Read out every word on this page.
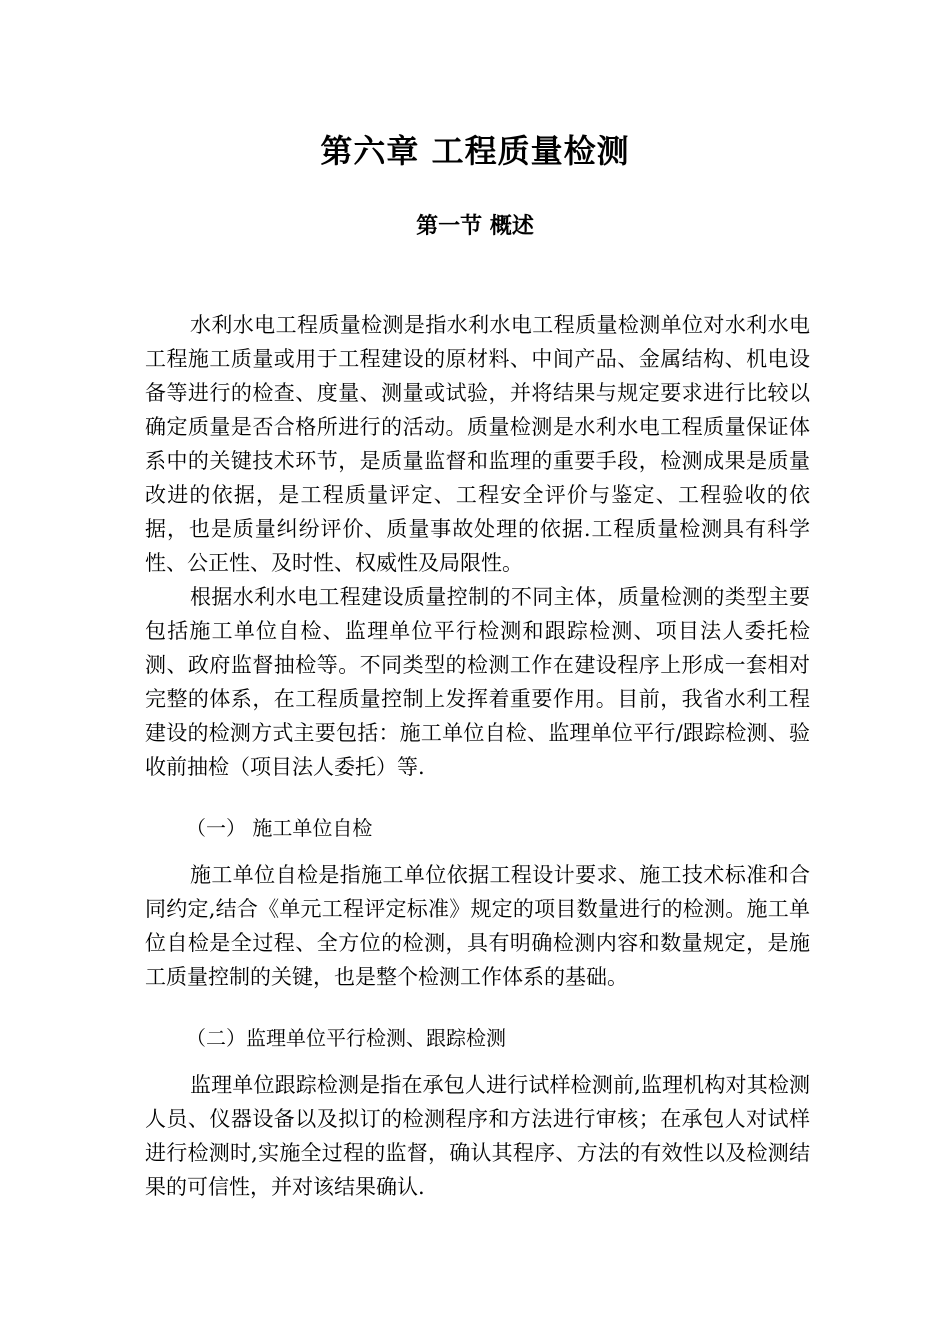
第六章 工程质量检测
第一节 概述

水利水电工程质量检测是指水利水电工程质量检测单位对水利水电工程施工质量或用于工程建设的原材料、中间产品、金属结构、机电设备等进行的检查、度量、测量或试验，并将结果与规定要求进行比较以确定质量是否合格所进行的活动。质量检测是水利水电工程质量保证体系中的关键技术环节，是质量监督和监理的重要手段，检测成果是质量改进的依据，是工程质量评定、工程安全评价与鉴定、工程验收的依据，也是质量纠纷评价、质量事故处理的依据.工程质量检测具有科学性、公正性、及时性、权威性及局限性。

根据水利水电工程建设质量控制的不同主体，质量检测的类型主要包括施工单位自检、监理单位平行检测和跟踪检测、项目法人委托检测、政府监督抽检等。不同类型的检测工作在建设程序上形成一套相对完整的体系，在工程质量控制上发挥着重要作用。目前，我省水利工程建设的检测方式主要包括：施工单位自检、监理单位平行/跟踪检测、验收前抽检（项目法人委托）等.

（一） 施工单位自检

施工单位自检是指施工单位依据工程设计要求、施工技术标准和合同约定,结合《单元工程评定标准》规定的项目数量进行的检测。施工单位自检是全过程、全方位的检测，具有明确检测内容和数量规定，是施工质量控制的关键，也是整个检测工作体系的基础。

（二）监理单位平行检测、跟踪检测

监理单位跟踪检测是指在承包人进行试样检测前,监理机构对其检测人员、仪器设备以及拟订的检测程序和方法进行审核；在承包人对试样进行检测时,实施全过程的监督，确认其程序、方法的有效性以及检测结果的可信性，并对该结果确认.
